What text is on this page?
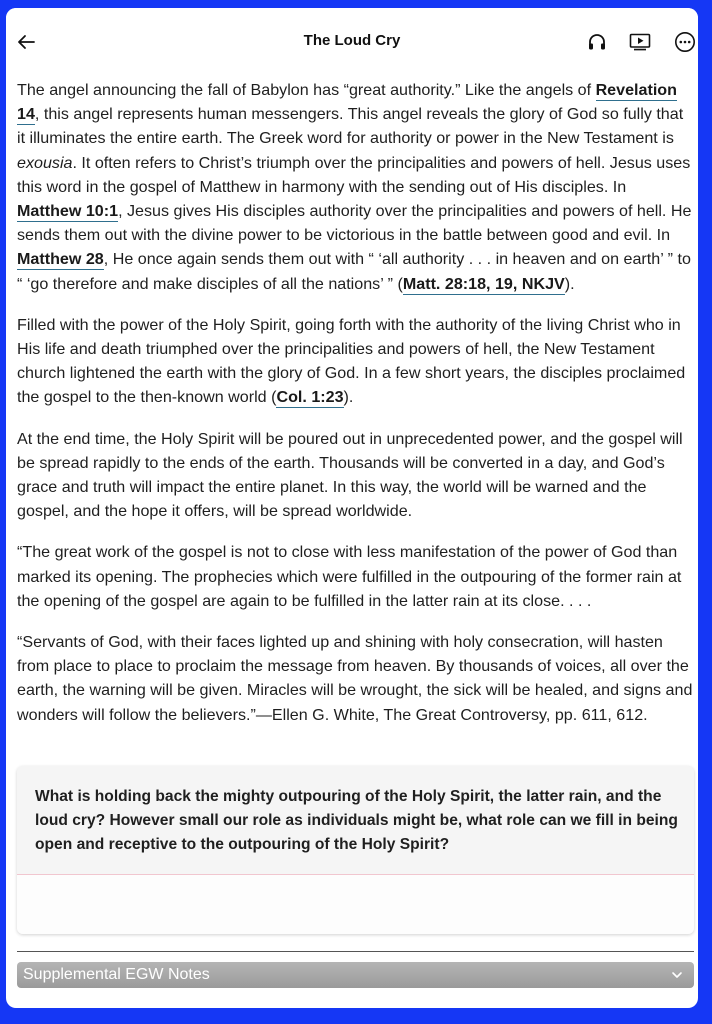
The Loud Cry

The angel announcing the fall of Babylon has “great authority.” Like the angels of Revelation 14, this angel represents human messengers. This angel reveals the glory of God so fully that it illuminates the entire earth. The Greek word for authority or power in the New Testament is exousia. It often refers to Christ’s triumph over the principalities and powers of hell. Jesus uses this word in the gospel of Matthew in harmony with the sending out of His disciples. In Matthew 10:1, Jesus gives His disciples authority over the principalities and powers of hell. He sends them out with the divine power to be victorious in the battle between good and evil. In Matthew 28, He once again sends them out with “ ‘all authority . . . in heaven and on earth’ ” to “ ‘go therefore and make disciples of all the nations’ ” (Matt. 28:18, 19, NKJV).

Filled with the power of the Holy Spirit, going forth with the authority of the living Christ who in His life and death triumphed over the principalities and powers of hell, the New Testament church lightened the earth with the glory of God. In a few short years, the disciples proclaimed the gospel to the then-known world (Col. 1:23).

At the end time, the Holy Spirit will be poured out in unprecedented power, and the gospel will be spread rapidly to the ends of the earth. Thousands will be converted in a day, and God’s grace and truth will impact the entire planet. In this way, the world will be warned and the gospel, and the hope it offers, will be spread worldwide.

“The great work of the gospel is not to close with less manifestation of the power of God than marked its opening. The prophecies which were fulfilled in the outpouring of the former rain at the opening of the gospel are again to be fulfilled in the latter rain at its close. . . .

“Servants of God, with their faces lighted up and shining with holy consecration, will hasten from place to place to proclaim the message from heaven. By thousands of voices, all over the earth, the warning will be given. Miracles will be wrought, the sick will be healed, and signs and wonders will follow the believers.”—Ellen G. White, The Great Controversy, pp. 611, 612.

What is holding back the mighty outpouring of the Holy Spirit, the latter rain, and the loud cry? However small our role as individuals might be, what role can we fill in being open and receptive to the outpouring of the Holy Spirit?
Supplemental EGW Notes
